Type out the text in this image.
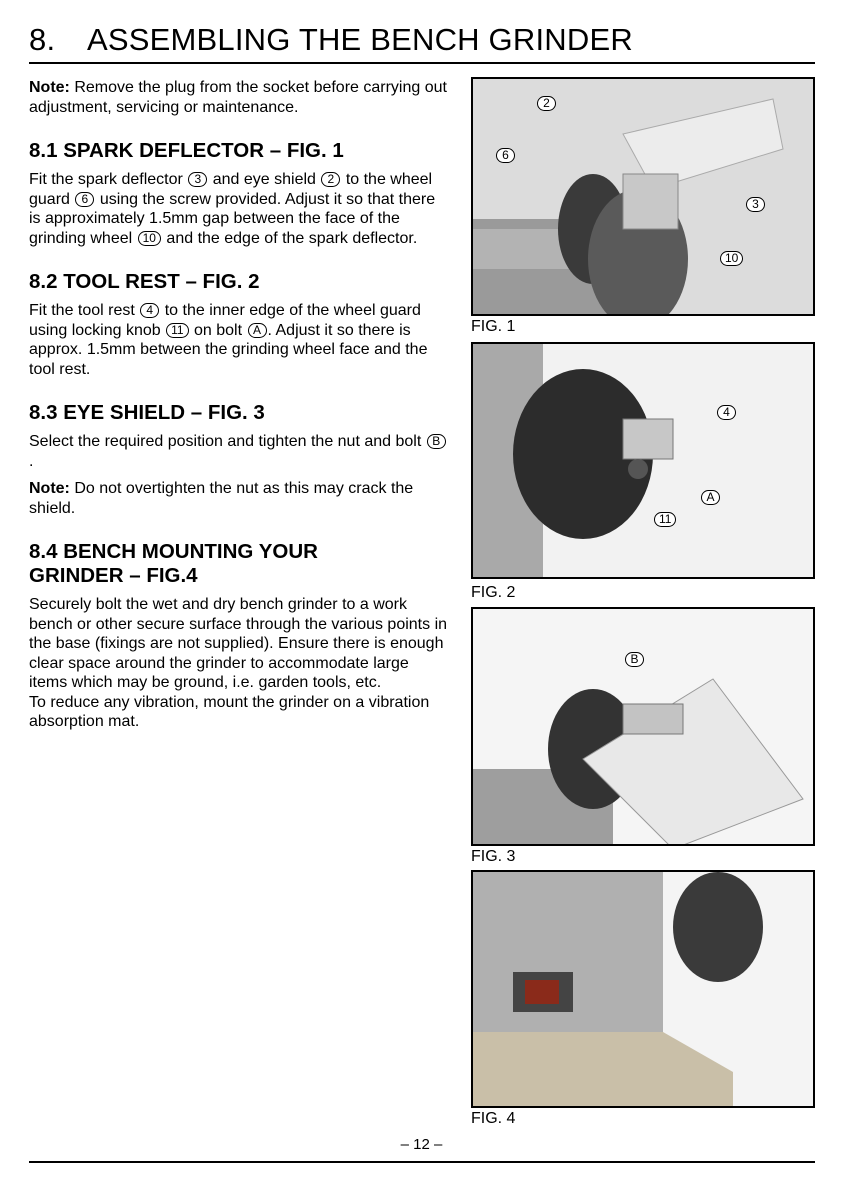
8. ASSEMBLING THE BENCH GRINDER

Note: Remove the plug from the socket before carrying out adjustment, servicing or maintenance.

8.1 SPARK DEFLECTOR – FIG. 1

Fit the spark deflector 3 and eye shield 2 to the wheel guard 6 using the screw provided. Adjust it so that there is approximately 1.5mm gap between the face of the grinding wheel 10 and the edge of the spark deflector.

8.2 TOOL REST – FIG. 2

Fit the tool rest 4 to the inner edge of the wheel guard using locking knob 11 on bolt A . Adjust it so there is approx. 1.5mm between the grinding wheel face and the tool rest.

8.3 EYE SHIELD – FIG. 3

Select the required position and tighten the nut and bolt B.

Note: Do not overtighten the nut as this may crack the shield.

8.4 BENCH MOUNTING YOUR
GRINDER – FIG.4

Securely bolt the wet and dry bench grinder to a work bench or other secure surface through the various points in the base (fixings are not supplied). Ensure there is enough clear space around the grinder to accommodate large items which may be ground, i.e. garden tools, etc.

To reduce any vibration, mount the grinder on a vibration absorption mat.

2
6
3
10
FIG. 1
4
A
11
FIG. 2
B
FIG. 3
FIG. 4
– 12 –
